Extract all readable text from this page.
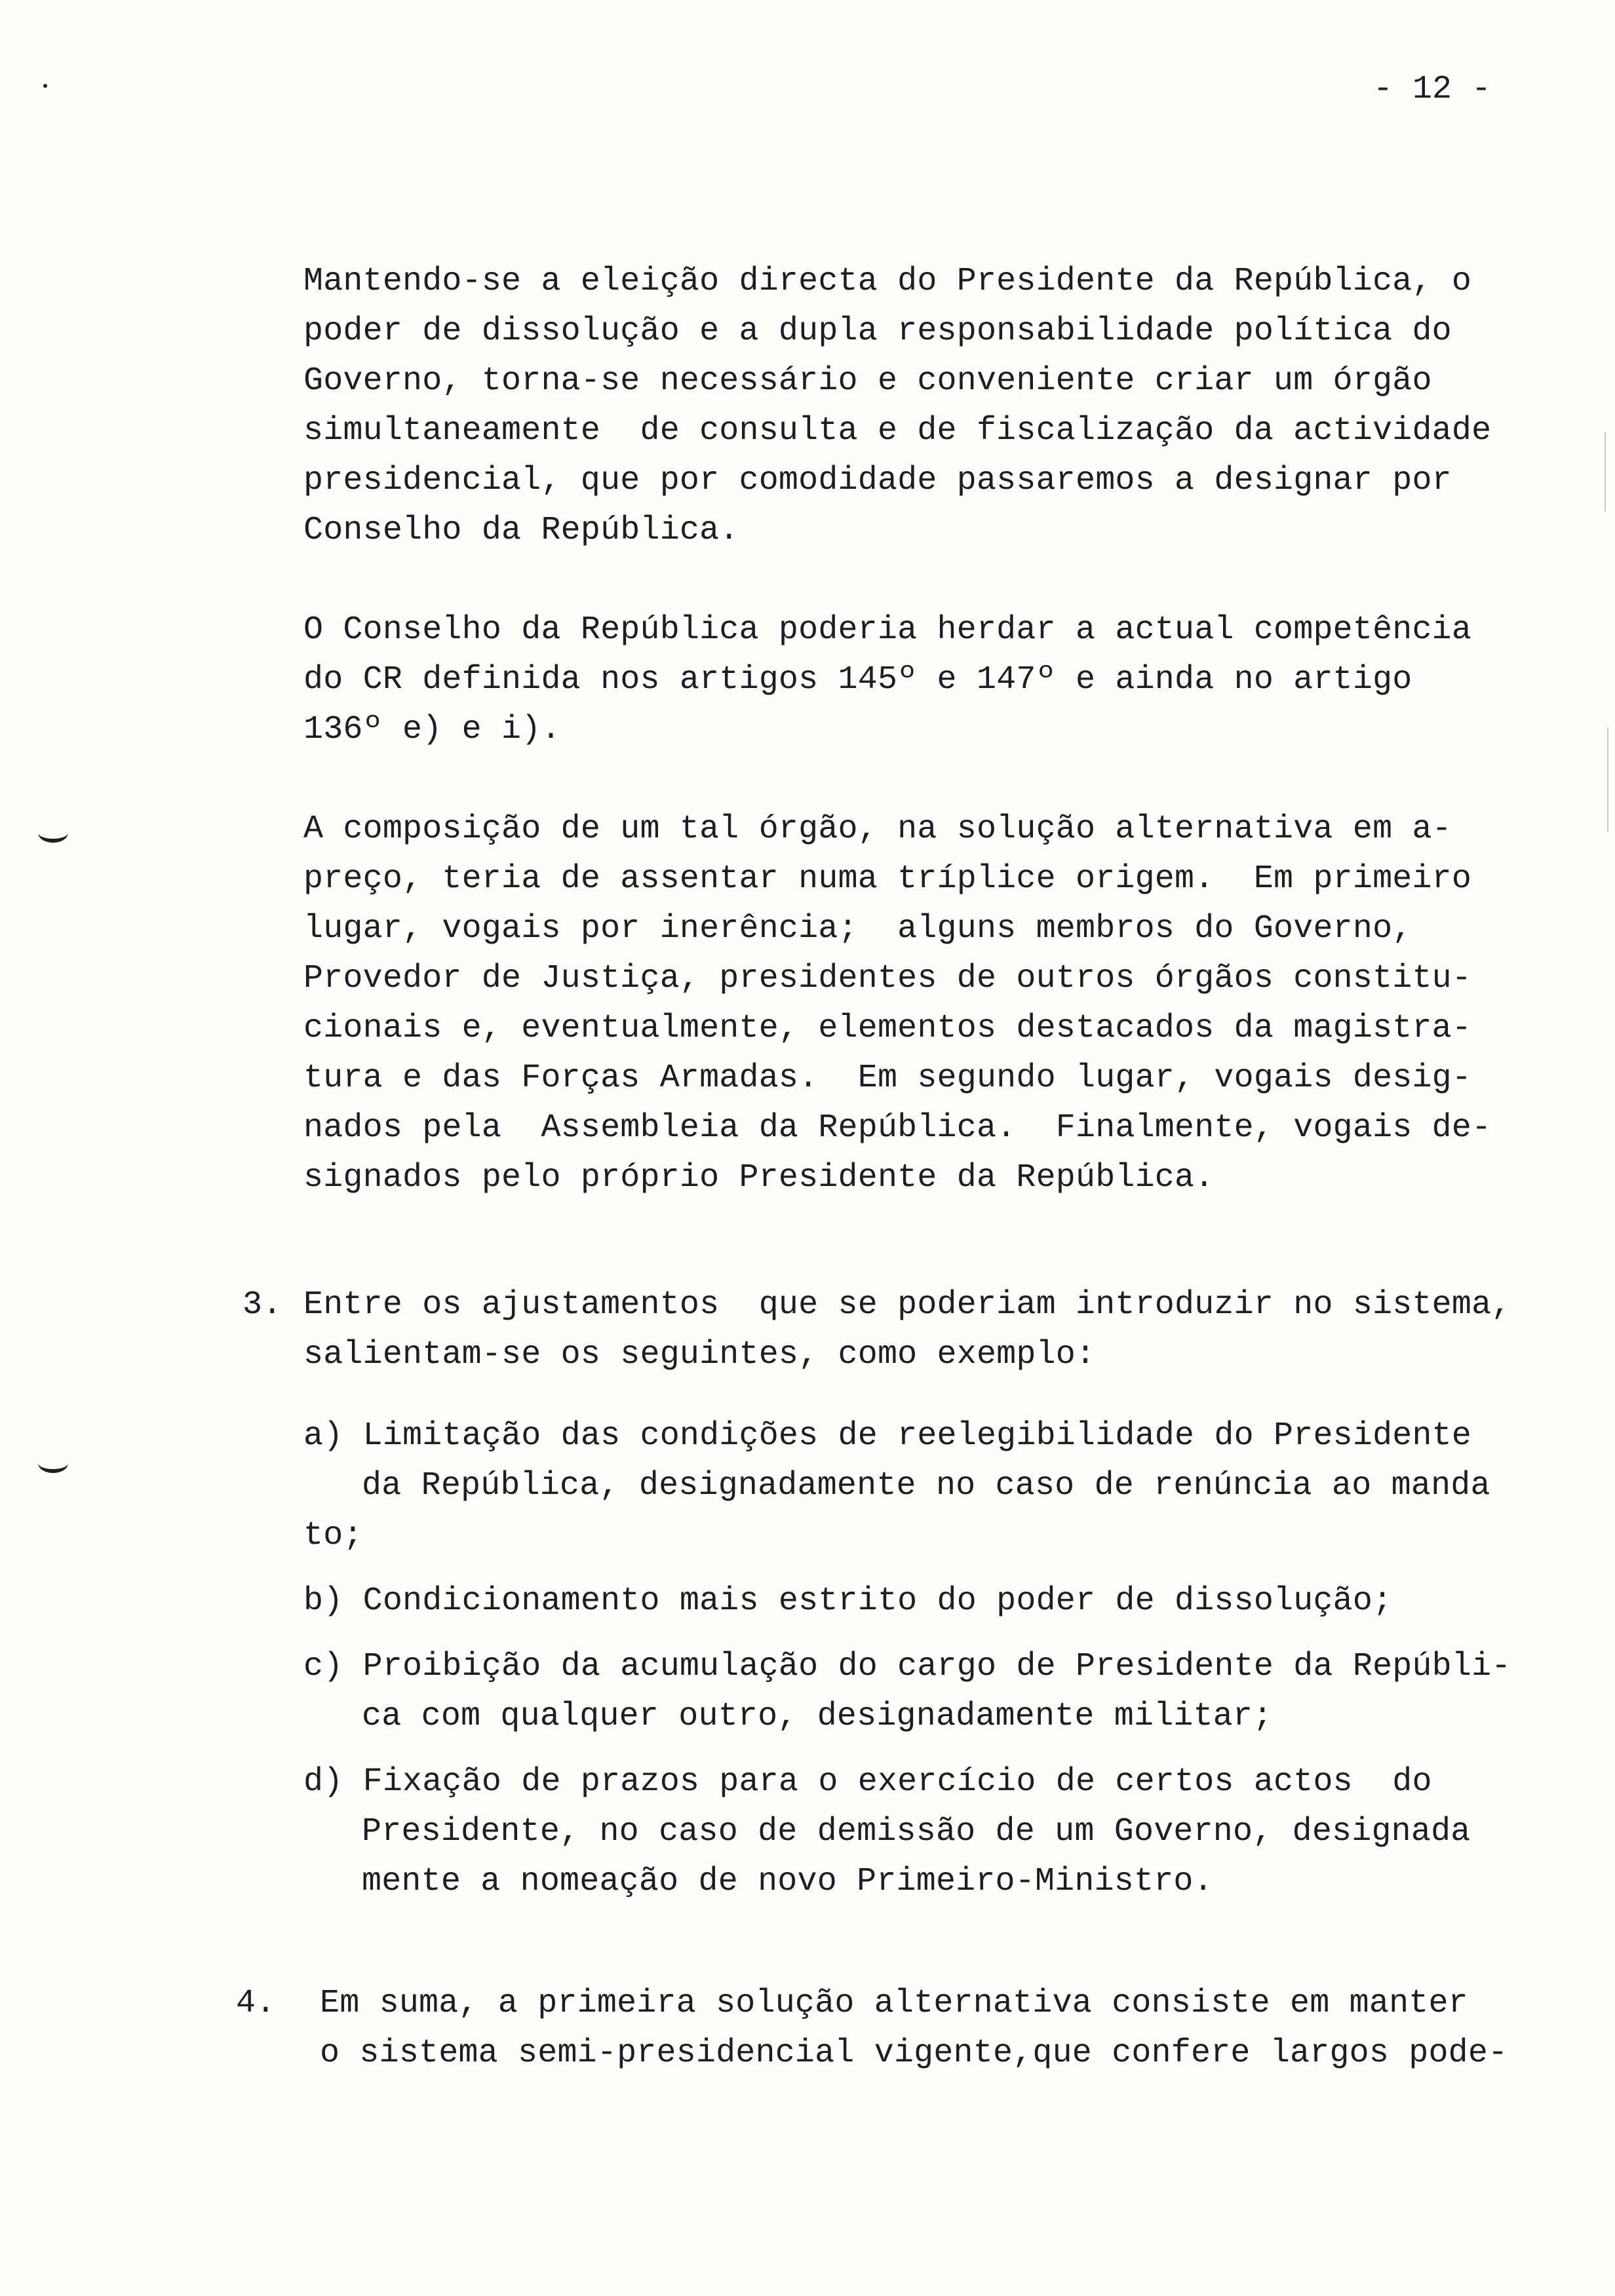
- 12 -
Mantendo-se a eleição directa do Presidente da República, o
poder de dissolução e a dupla responsabilidade política do
Governo, torna-se necessário e conveniente criar um órgão
simultaneamente  de consulta e de fiscalização da actividade
presidencial, que por comodidade passaremos a designar por
Conselho da República.
O Conselho da República poderia herdar a actual competência
do CR definida nos artigos 145º e 147º e ainda no artigo
136º e) e i).
A composição de um tal órgão, na solução alternativa em a-
preço, teria de assentar numa tríplice origem.  Em primeiro
lugar, vogais por inerência;  alguns membros do Governo,
Provedor de Justiça, presidentes de outros órgãos constitu-
cionais e, eventualmente, elementos destacados da magistra-
tura e das Forças Armadas.  Em segundo lugar, vogais desig-
nados pela  Assembleia da República.  Finalmente, vogais de-
signados pelo próprio Presidente da República.
3. Entre os ajustamentos  que se poderiam introduzir no sistema,
salientam-se os seguintes, como exemplo:
a) Limitação das condições de reelegibilidade do Presidente
da República, designadamente no caso de renúncia ao manda
to;
b) Condicionamento mais estrito do poder de dissolução;
c) Proibição da acumulação do cargo de Presidente da Repúbli-
ca com qualquer outro, designadamente militar;
d) Fixação de prazos para o exercício de certos actos  do
Presidente, no caso de demissão de um Governo, designada
mente a nomeação de novo Primeiro-Ministro.
4. Em suma, a primeira solução alternativa consiste em manter
o sistema semi-presidencial vigente,que confere largos pode-
